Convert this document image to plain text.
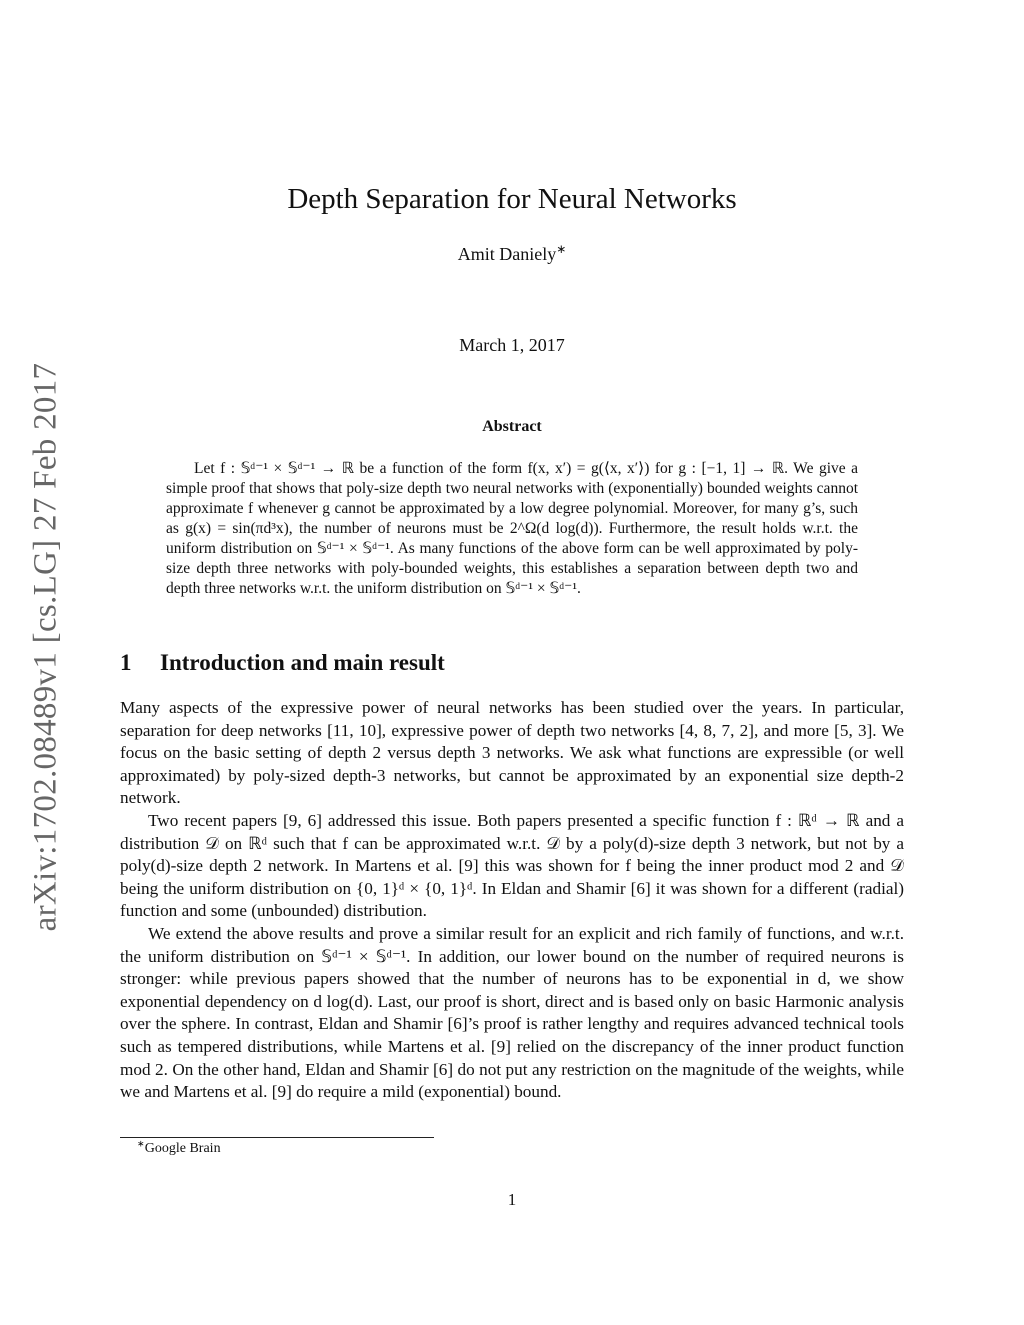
arXiv:1702.08489v1 [cs.LG] 27 Feb 2017
Depth Separation for Neural Networks
Amit Daniely∗
March 1, 2017
Abstract

Let f : 𝕊ᵈ⁻¹ × 𝕊ᵈ⁻¹ → ℝ be a function of the form f(x, x′) = g(⟨x, x′⟩) for g : [−1, 1] → ℝ. We give a simple proof that shows that poly-size depth two neural networks with (exponentially) bounded weights cannot approximate f whenever g cannot be approximated by a low degree polynomial. Moreover, for many g’s, such as g(x) = sin(πd³x), the number of neurons must be 2^Ω(d log(d)). Furthermore, the result holds w.r.t. the uniform distribution on 𝕊ᵈ⁻¹ × 𝕊ᵈ⁻¹. As many functions of the above form can be well approximated by poly-size depth three networks with poly-bounded weights, this establishes a separation between depth two and depth three networks w.r.t. the uniform distribution on 𝕊ᵈ⁻¹ × 𝕊ᵈ⁻¹.

1 Introduction and main result

Many aspects of the expressive power of neural networks has been studied over the years. In particular, separation for deep networks [11, 10], expressive power of depth two networks [4, 8, 7, 2], and more [5, 3]. We focus on the basic setting of depth 2 versus depth 3 networks. We ask what functions are expressible (or well approximated) by poly-sized depth-3 networks, but cannot be approximated by an exponential size depth-2 network.

Two recent papers [9, 6] addressed this issue. Both papers presented a specific function f : ℝᵈ → ℝ and a distribution 𝒟 on ℝᵈ such that f can be approximated w.r.t. 𝒟 by a poly(d)-size depth 3 network, but not by a poly(d)-size depth 2 network. In Martens et al. [9] this was shown for f being the inner product mod 2 and 𝒟 being the uniform distribution on {0, 1}ᵈ × {0, 1}ᵈ. In Eldan and Shamir [6] it was shown for a different (radial) function and some (unbounded) distribution.

We extend the above results and prove a similar result for an explicit and rich family of functions, and w.r.t. the uniform distribution on 𝕊ᵈ⁻¹ × 𝕊ᵈ⁻¹. In addition, our lower bound on the number of required neurons is stronger: while previous papers showed that the number of neurons has to be exponential in d, we show exponential dependency on d log(d). Last, our proof is short, direct and is based only on basic Harmonic analysis over the sphere. In contrast, Eldan and Shamir [6]’s proof is rather lengthy and requires advanced technical tools such as tempered distributions, while Martens et al. [9] relied on the discrepancy of the inner product function mod 2. On the other hand, Eldan and Shamir [6] do not put any restriction on the magnitude of the weights, while we and Martens et al. [9] do require a mild (exponential) bound.

∗Google Brain
1
